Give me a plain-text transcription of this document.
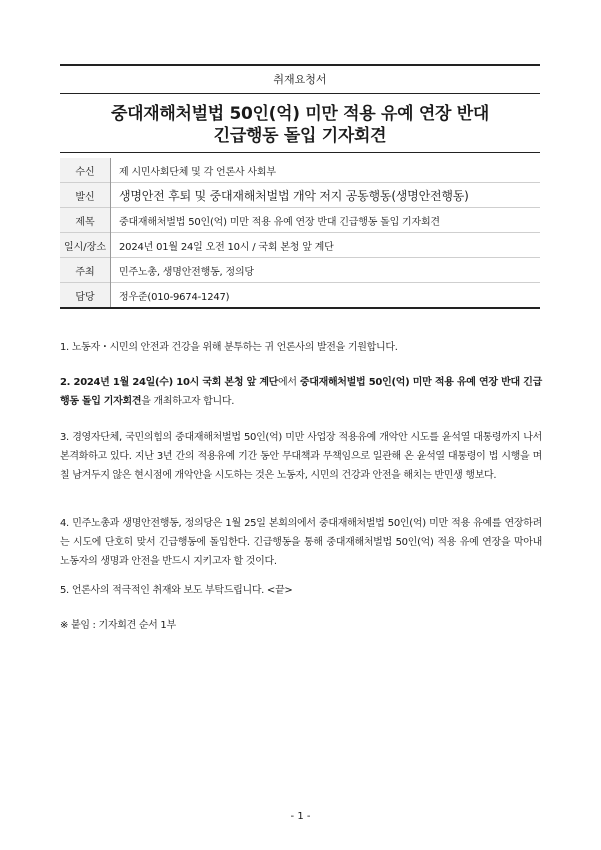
취재요청서
중대재해처벌법 50인(억) 미만 적용 유예 연장 반대
긴급행동 돌입 기자회견
수신	제 시민사회단체 및 각 언론사 사회부
발신	생명안전 후퇴 및 중대재해처벌법 개악 저지 공동행동(생명안전행동)
제목	중대재해처벌법 50인(억) 미만 적용 유예 연장 반대 긴급행동 돌입 기자회견
일시/장소	2024년 01월 24일 오전 10시 / 국회 본청 앞 계단
주최	민주노총, 생명안전행동, 정의당
담당	정우준(010-9674-1247)
1. 노동자・시민의 안전과 건강을 위해 분투하는 귀 언론사의 발전을 기원합니다.
2. 2024년 1월 24일(수) 10시 국회 본청 앞 계단에서 중대재해처벌법 50인(억) 미만 적용 유예 연장 반대 긴급행동 돌입 기자회견을 개최하고자 합니다.
3. 경영자단체, 국민의힘의 중대재해처벌법 50인(억) 미만 사업장 적용유예 개악안 시도를 윤석열 대통령까지 나서 본격화하고 있다. 지난 3년 간의 적용유예 기간 동안 무대책과 무책임으로 일관해 온 윤석열 대통령이 법 시행을 며칠 남겨두지 않은 현시점에 개악안을 시도하는 것은 노동자, 시민의 건강과 안전을 해치는 반민생 행보다.
4. 민주노총과 생명안전행동, 정의당은 1월 25일 본회의에서 중대재해처벌법 50인(억) 미만 적용 유예를 연장하려는 시도에 단호히 맞서 긴급행동에 돌입한다. 긴급행동을 통해 중대재해처벌법 50인(억) 적용 유예 연장을 막아내 노동자의 생명과 안전을 반드시 지키고자 할 것이다.
5. 언론사의 적극적인 취재와 보도 부탁드립니다. <끝>
※ 붙임 : 기자회견 순서 1부
- 1 -
